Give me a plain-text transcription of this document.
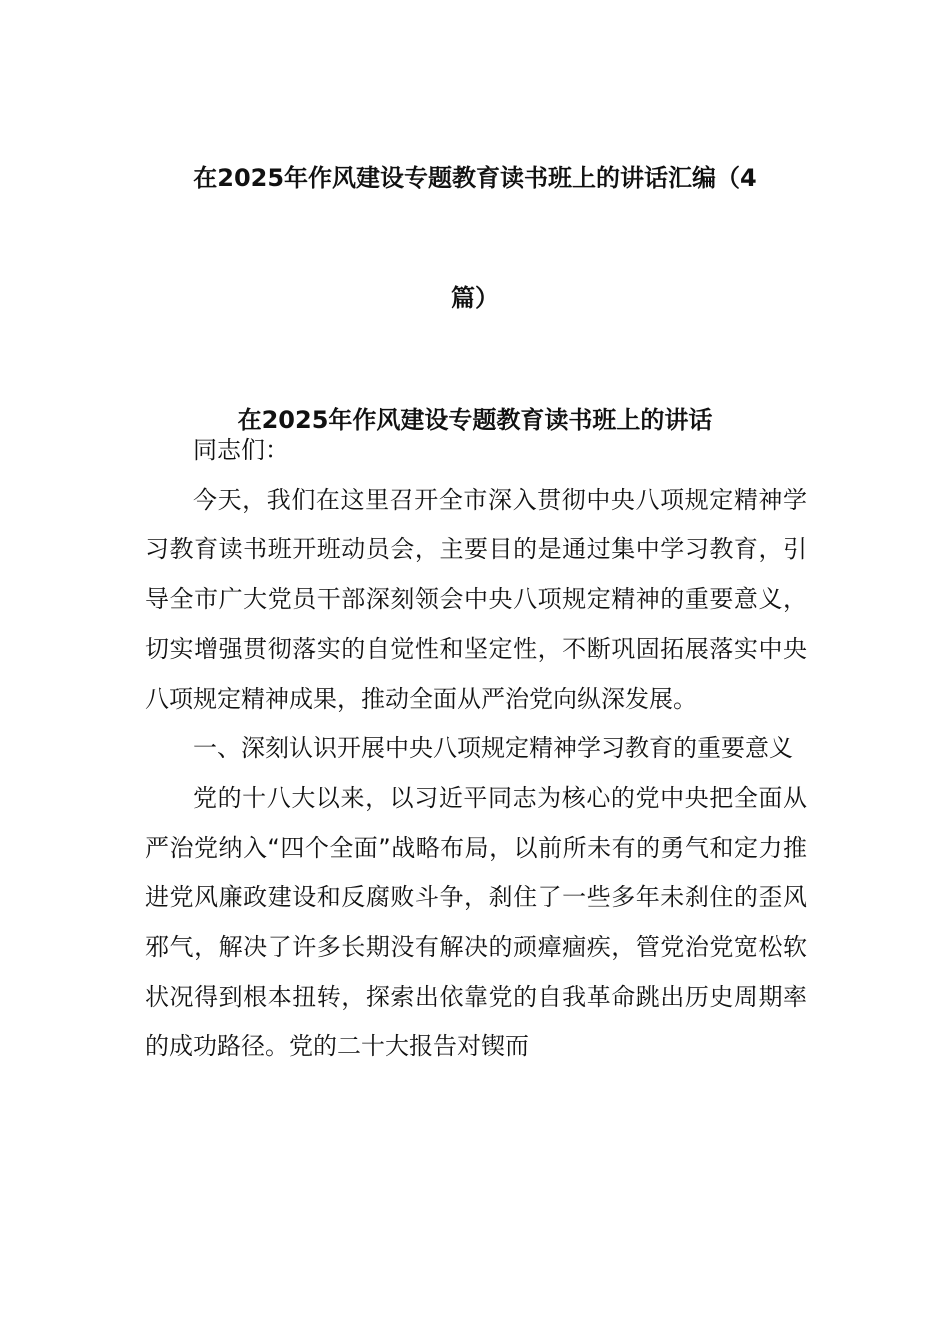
在2025年作风建设专题教育读书班上的讲话汇编（4
篇）
在2025年作风建设专题教育读书班上的讲话

同志们：

今天，我们在这里召开全市深入贯彻中央八项规定精神学习教育读书班开班动员会，主要目的是通过集中学习教育，引导全市广大党员干部深刻领会中央八项规定精神的重要意义，切实增强贯彻落实的自觉性和坚定性，不断巩固拓展落实中央八项规定精神成果，推动全面从严治党向纵深发展。

一、深刻认识开展中央八项规定精神学习教育的重要意义

党的十八大以来，以习近平同志为核心的党中央把全面从严治党纳入“四个全面”战略布局，以前所未有的勇气和定力推进党风廉政建设和反腐败斗争，刹住了一些多年未刹住的歪风邪气，解决了许多长期没有解决的顽瘴痼疾，管党治党宽松软状况得到根本扭转，探索出依靠党的自我革命跳出历史周期率的成功路径。党的二十大报告对锲而
